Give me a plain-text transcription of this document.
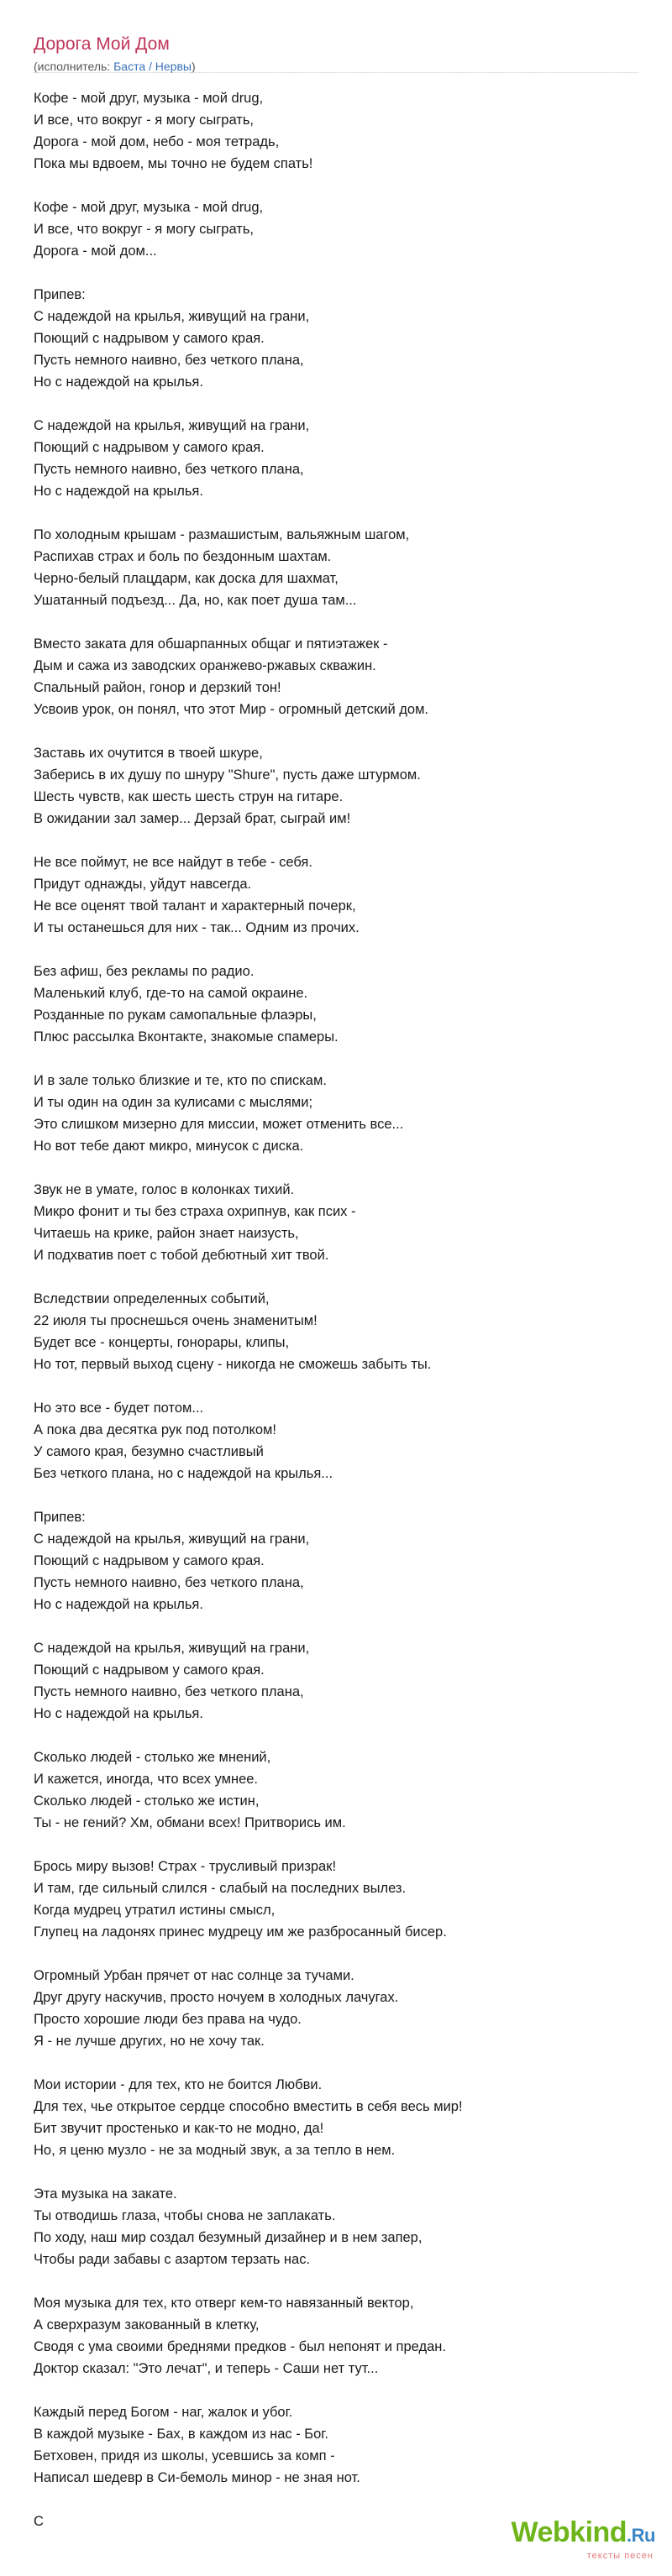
Дорога Мой Дом
(исполнитель: Баста / Нервы)
Кофе - мой друг, музыка - мой drug,
И все, что вокруг - я могу сыграть,
Дорога - мой дом, небо - моя тетрадь,
Пока мы вдвоем, мы точно не будем спать!
Кофе - мой друг, музыка - мой drug,
И все, что вокруг - я могу сыграть,
Дорога - мой дом...
Припев:
С надеждой на крылья, живущий на грани,
Поющий с надрывом у самого края.
Пусть немного наивно, без четкого плана,
Но с надеждой на крылья.
С надеждой на крылья, живущий на грани,
Поющий с надрывом у самого края.
Пусть немного наивно, без четкого плана,
Но с надеждой на крылья.
По холодным крышам - размашистым, вальяжным шагом,
Распихав страх и боль по бездонным шахтам.
Черно-белый плацдарм, как доска для шахмат,
Ушатанный подъезд... Да, но, как поет душа там...
Вместо заката для обшарпанных общаг и пятиэтажек -
Дым и сажа из заводских оранжево-ржавых скважин.
Спальный район, гонор и дерзкий тон!
Усвоив урок, он понял, что этот Мир - огромный детский дом.
Заставь их очутится в твоей шкуре,
Заберись в их душу по шнуру "Shure", пусть даже штурмом.
Шесть чувств, как шесть шесть струн на гитаре.
В ожидании зал замер... Дерзай брат, сыграй им!
Не все поймут, не все найдут в тебе - себя.
Придут однажды, уйдут навсегда.
Не все оценят твой талант и характерный почерк,
И ты останешься для них - так... Одним из прочих.
Без афиш, без рекламы по радио.
Маленький клуб, где-то на самой окраине.
Розданные по рукам самопальные флаэры,
Плюс рассылка Вконтакте, знакомые спамеры.
И в зале только близкие и те, кто по спискам.
И ты один на один за кулисами с мыслями;
Это слишком мизерно для миссии, может отменить все...
Но вот тебе дают микро, минусок с диска.
Звук не в умате, голос в колонках тихий.
Микро фонит и ты без страха охрипнув, как псих -
Читаешь на крике, район знает наизусть,
И подхватив поет с тобой дебютный хит твой.
Вследствии определенных событий,
22 июля ты проснешься очень знаменитым!
Будет все - концерты, гонорары, клипы,
Но тот, первый выход сцену - никогда не сможешь забыть ты.
Но это все - будет потом...
А пока два десятка рук под потолком!
У самого края, безумно счастливый
Без четкого плана, но с надеждой на крылья...
Припев:
С надеждой на крылья, живущий на грани,
Поющий с надрывом у самого края.
Пусть немного наивно, без четкого плана,
Но с надеждой на крылья.
С надеждой на крылья, живущий на грани,
Поющий с надрывом у самого края.
Пусть немного наивно, без четкого плана,
Но с надеждой на крылья.
Сколько людей - столько же мнений,
И кажется, иногда, что всех умнее.
Сколько людей - столько же истин,
Ты - не гений? Хм, обмани всех! Притворись им.
Брось миру вызов! Страх - трусливый призрак!
И там, где сильный слился - слабый на последних вылез.
Когда мудрец утратил истины смысл,
Глупец на ладонях принес мудрецу им же разбросанный бисер.
Огромный Урбан прячет от нас солнце за тучами.
Друг другу наскучив, просто ночуем в холодных лачугах.
Просто хорошие люди без права на чудо.
Я - не лучше других, но не хочу так.
Мои истории - для тех, кто не боится Любви.
Для тех, чье открытое сердце способно вместить в себя весь мир!
Бит звучит простенько и как-то не модно, да!
Но, я ценю музло - не за модный звук, а за тепло в нем.
Эта музыка на закате.
Ты отводишь глаза, чтобы снова не заплакать.
По ходу, наш мир создал безумный дизайнер и в нем запер,
Чтобы ради забавы с азартом терзать нас.
Моя музыка для тех, кто отверг кем-то навязанный вектор,
А сверхразум закованный в клетку,
Сводя с ума своими бреднями предков - был непонят и предан.
Доктор сказал: "Это лечат", и теперь - Саши нет тут...
Каждый перед Богом - наг, жалок и убог.
В каждой музыке - Бах, в каждом из нас - Бог.
Бетховен, придя из школы, усевшись за комп -
Написал шедевр в Си-бемоль минор - не зная нот.
С	Webkind.Ru
тексты песен
